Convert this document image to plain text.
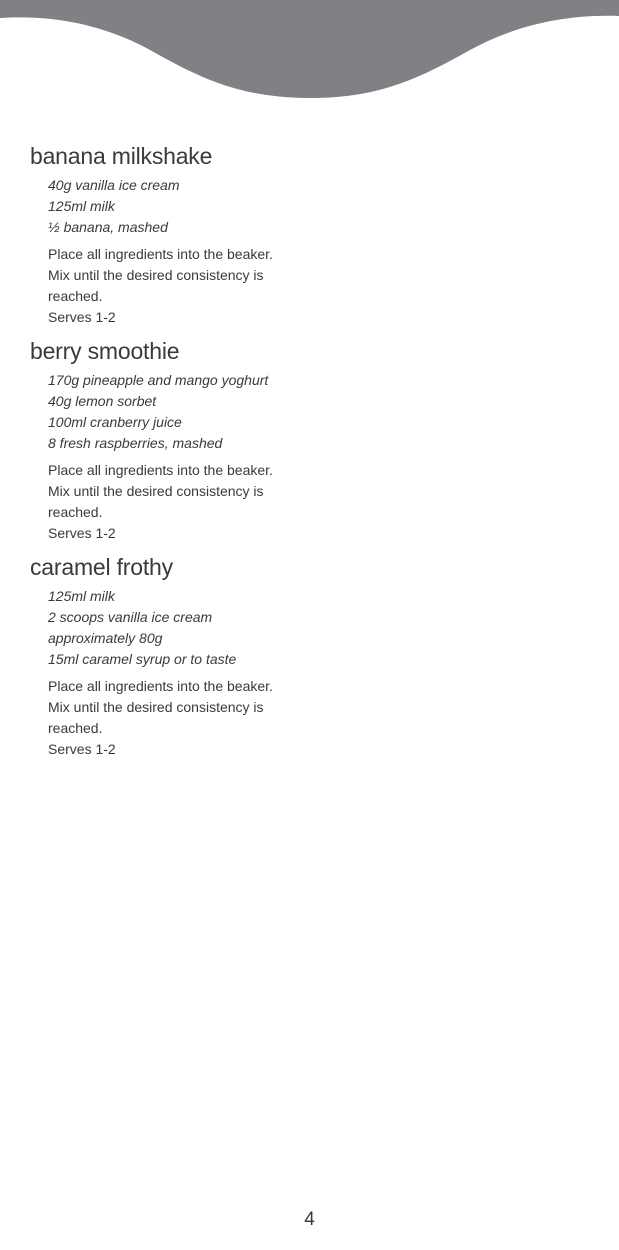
banana milkshake
40g vanilla ice cream
125ml milk
½ banana, mashed

Place all ingredients into the beaker.
Mix until the desired consistency is
reached.
Serves 1-2

berry smoothie
170g pineapple and mango yoghurt
40g lemon sorbet
100ml cranberry juice
8 fresh raspberries, mashed

Place all ingredients into the beaker.
Mix until the desired consistency is
reached.
Serves 1-2

caramel frothy
125ml milk
2 scoops vanilla ice cream
approximately 80g
15ml caramel syrup or to taste

Place all ingredients into the beaker.
Mix until the desired consistency is
reached.
Serves 1-2

4
